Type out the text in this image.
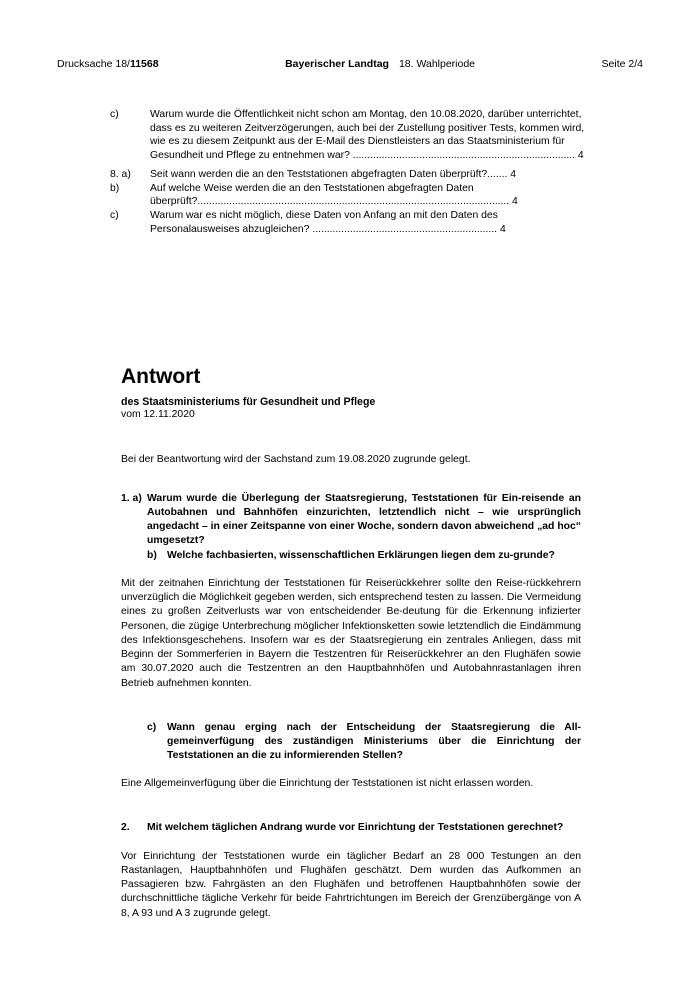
Drucksache 18/11568	Bayerischer Landtag 18. Wahlperiode	Seite 2/4
c)	Warum wurde die Öffentlichkeit nicht schon am Montag, den 10.08.2020, darüber unterrichtet, dass es zu weiteren Zeitverzögerungen, auch bei der Zustellung positiver Tests, kommen wird, wie es zu diesem Zeitpunkt aus der E-Mail des Dienstleisters an das Staatsministerium für Gesundheit und Pflege zu entnehmen war? ............................................................................. 4
8. a)	Seit wann werden die an den Teststationen abgefragten Daten überprüft?....... 4
b)	Auf welche Weise werden die an den Teststationen abgefragten Daten überprüft?............................................................................................................ 4
c)	Warum war es nicht möglich, diese Daten von Anfang an mit den Daten des Personalausweises abzugleichen? ................................................................ 4
Antwort
des Staatsministeriums für Gesundheit und Pflege
vom 12.11.2020
Bei der Beantwortung wird der Sachstand zum 19.08.2020 zugrunde gelegt.
1. a) Warum wurde die Überlegung der Staatsregierung, Teststationen für Ein-reisende an Autobahnen und Bahnhöfen einzurichten, letztendlich nicht – wie ursprünglich angedacht – in einer Zeitspanne von einer Woche, sondern davon abweichend „ad hoc“ umgesetzt?
b) Welche fachbasierten, wissenschaftlichen Erklärungen liegen dem zu-grunde?
Mit der zeitnahen Einrichtung der Teststationen für Reiserückkehrer sollte den Reise-rückkehrern unverzüglich die Möglichkeit gegeben werden, sich entsprechend testen zu lassen. Die Vermeidung eines zu großen Zeitverlusts war von entscheidender Be-deutung für die Erkennung infizierter Personen, die zügige Unterbrechung möglicher Infektionsketten sowie letztendlich die Eindämmung des Infektionsgeschehens. Insofern war es der Staatsregierung ein zentrales Anliegen, dass mit Beginn der Sommerferien in Bayern die Testzentren für Reiserückkehrer an den Flughäfen sowie am 30.07.2020 auch die Testzentren an den Hauptbahnhöfen und Autobahnrastanlagen ihren Betrieb aufnehmen konnten.
c)	Wann genau erging nach der Entscheidung der Staatsregierung die All-gemeinverfügung des zuständigen Ministeriums über die Einrichtung der Teststationen an die zu informierenden Stellen?
Eine Allgemeinverfügung über die Einrichtung der Teststationen ist nicht erlassen worden.
2.	Mit welchem täglichen Andrang wurde vor Einrichtung der Teststationen gerechnet?
Vor Einrichtung der Teststationen wurde ein täglicher Bedarf an 28 000 Testungen an den Rastanlagen, Hauptbahnhöfen und Flughäfen geschätzt. Dem wurden das Aufkommen an Passagieren bzw. Fahrgästen an den Flughäfen und betroffenen Hauptbahnhöfen sowie der durchschnittliche tägliche Verkehr für beide Fahrtrichtungen im Bereich der Grenzübergänge von A 8, A 93 und A 3 zugrunde gelegt.
